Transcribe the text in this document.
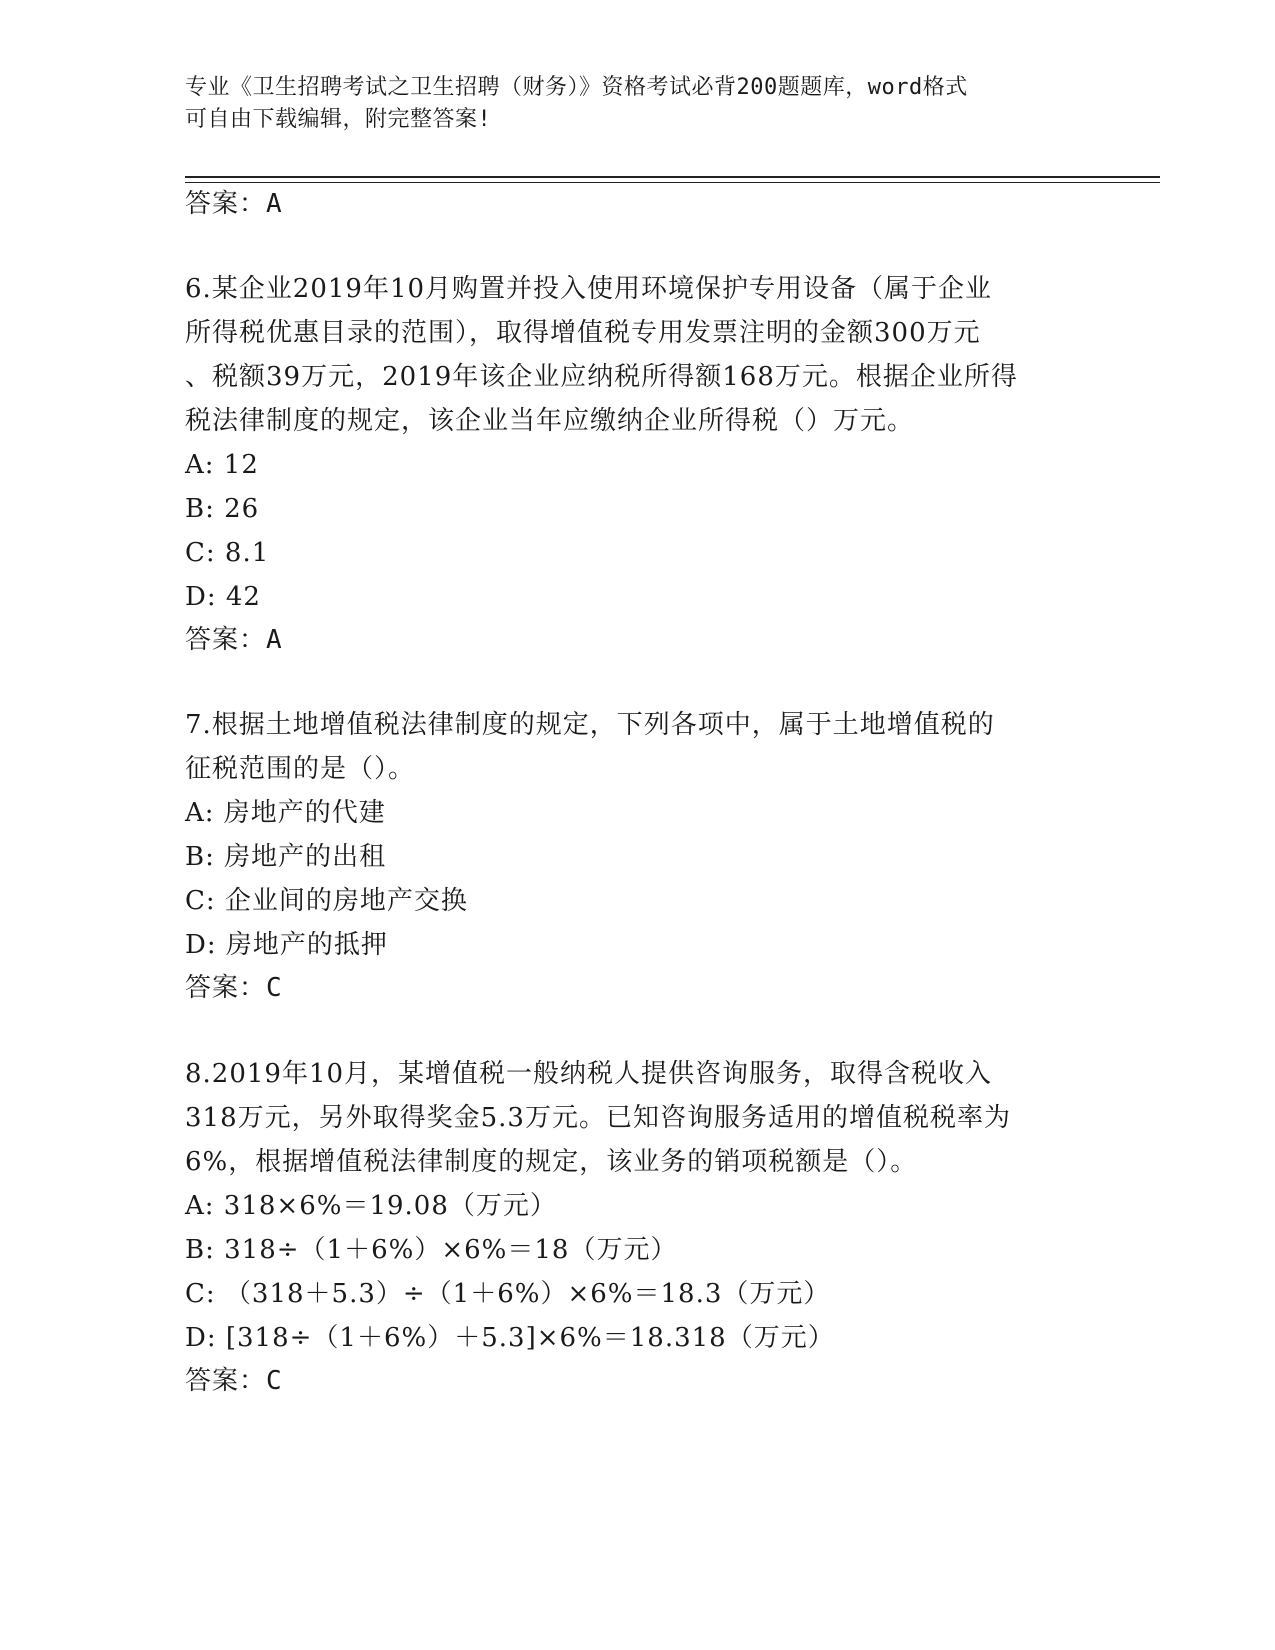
专业《卫生招聘考试之卫生招聘（财务）》资格考试必背200题题库，word格式
可自由下载编辑，附完整答案!
答案：A
6.某企业2019年10月购置并投入使用环境保护专用设备（属于企业
所得税优惠目录的范围），取得增值税专用发票注明的金额300万元
、税额39万元，2019年该企业应纳税所得额168万元。根据企业所得
税法律制度的规定，该企业当年应缴纳企业所得税（）万元。
A: 12
B: 26
C: 8.1
D: 42
答案：A
7.根据土地增值税法律制度的规定，下列各项中，属于土地增值税的
征税范围的是（）。
A: 房地产的代建
B: 房地产的出租
C: 企业间的房地产交换
D: 房地产的抵押
答案：C
8.2019年10月，某增值税一般纳税人提供咨询服务，取得含税收入
318万元，另外取得奖金5.3万元。已知咨询服务适用的增值税税率为
6%，根据增值税法律制度的规定，该业务的销项税额是（）。
A: 318×6%＝19.08（万元）
B: 318÷（1＋6%）×6%＝18（万元）
C: （318＋5.3）÷（1＋6%）×6%＝18.3（万元）
D: [318÷（1＋6%）＋5.3]×6%＝18.318（万元）
答案：C
